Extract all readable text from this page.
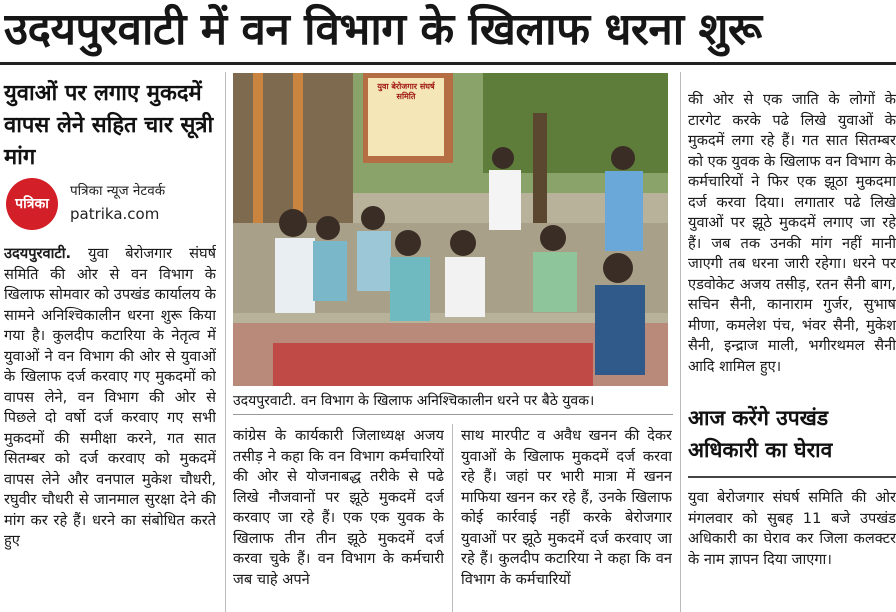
उदयपुरवाटी में वन विभाग के खिलाफ धरना शुरू
युवाओं पर लगाए मुकदमें वापस लेने सहित चार सूत्री मांग
पत्रिका
पत्रिका न्यूज नेटवर्क
patrika.com

उदयपुरवाटी. युवा बेरोजगार संघर्ष समिति की ओर से वन विभाग के खिलाफ सोमवार को उपखंड कार्यालय के सामने अनिश्चिकालीन धरना शुरू किया गया है। कुलदीप कटारिया के नेतृत्व में युवाओं ने वन विभाग की ओर से युवाओं के खिलाफ दर्ज करवाए गए मुकदमों को वापस लेने, वन विभाग की ओर से पिछले दो वर्षो दर्ज करवाए गए सभी मुकदमों की समीक्षा करने, गत सात सितम्बर को दर्ज करवाए को मुकदमें वापस लेने और वनपाल मुकेश चौधरी, रघुवीर चौधरी से जानमाल सुरक्षा देने की मांग कर रहे हैं। धरने का संबोधित करते हुए

युवा बेरोजगार संघर्ष समिति
उदयपुरवाटी. वन विभाग के खिलाफ अनिश्चिकालीन धरने पर बैठे युवक।

कांग्रेस के कार्यकारी जिलाध्यक्ष अजय तसीड़ ने कहा कि वन विभाग कर्मचारियों की ओर से योजनाबद्ध तरीके से पढे लिखे नौजवानों पर झूठे मुकदमें दर्ज करवाए जा रहे हैं। एक एक युवक के खिलाफ तीन तीन झूठे मुकदमें दर्ज करवा चुके हैं। वन विभाग के कर्मचारी जब चाहे अपने

साथ मारपीट व अवैध खनन की देकर युवाओं के खिलाफ मुकदमें दर्ज करवा रहे हैं। जहां पर भारी मात्रा में खनन माफिया खनन कर रहे हैं, उनके खिलाफ कोई कार्रवाई नहीं करके बेरोजगार युवाओं पर झूठे मुकदमें दर्ज करवाए जा रहे हैं। कुलदीप कटारिया ने कहा कि वन विभाग के कर्मचारियों

की ओर से एक जाति के लोगों के टारगेट करके पढे लिखे युवाओं के मुकदमें लगा रहे हैं। गत सात सितम्बर को एक युवक के खिलाफ वन विभाग के कर्मचारियों ने फिर एक झूठा मुकदमा दर्ज करवा दिया। लगातार पढे लिखे युवाओं पर झूठे मुकदमें लगाए जा रहे हैं। जब तक उनकी मांग नहीं मानी जाएगी तब धरना जारी रहेगा। धरने पर एडवोकेट अजय तसीड़, रतन सैनी बाग, सचिन सैनी, कानाराम गुर्जर, सुभाष मीणा, कमलेश पंच, भंवर सैनी, मुकेश सैनी, इन्द्राज माली, भगीरथमल सैनी आदि शामिल हुए।

आज करेंगे उपखंड अधिकारी का घेराव

युवा बेरोजगार संघर्ष समिति की ओर मंगलवार को सुबह 11 बजे उपखंड अधिकारी का घेराव कर जिला कलक्टर के नाम ज्ञापन दिया जाएगा।
